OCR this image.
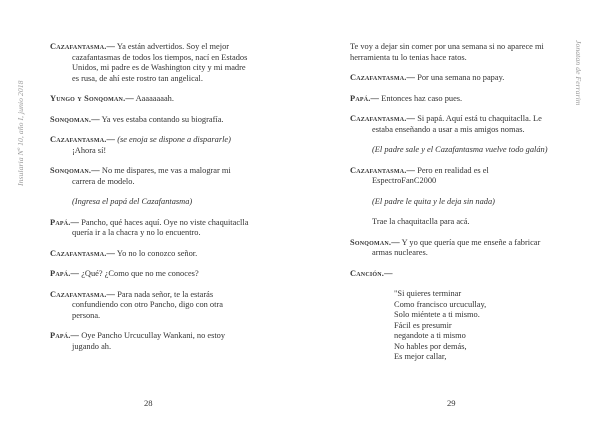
Insularia Nº 10, año I, junio 2018

Cazafantasma.— Ya están advertidos. Soy el mejor cazafantasmas de todos los tiempos, nací en Estados Unidos, mi padre es de Washington city y mi madre es rusa, de ahí este rostro tan angelical.

Yungo y Sonqoman.— Aaaaaaaah.

Sonqoman.— Ya ves estaba contando su biografía.

Cazafantasma.— (se enoja se dispone a dispararle) ¡Ahora sí!

Sonqoman.— No me dispares, me vas a malograr mi carrera de modelo.

(Ingresa el papá del Cazafantasma)

Papá.— Pancho, qué haces aquí. Oye no viste chaquitaclla quería ir a la chacra y no lo encuentro.

Cazafantasma.— Yo no lo conozco señor.

Papá.— ¿Qué? ¿Como que no me conoces?

Cazafantasma.— Para nada señor, te la estarás confundiendo con otro Pancho, digo con otra persona.

Papá.— Oye Pancho Urcucullay Wankani, no estoy jugando ah.

28

Te voy a dejar sin comer por una semana si no aparece mi herramienta tu lo tenias hace ratos.

Cazafantasma.— Por una semana no papay.

Papá.— Entonces haz caso pues.

Cazafantasma.— Si papá. Aquí está tu chaquitaclla. Le estaba enseñando a usar a mis amigos nomas.

(El padre sale y el Cazafantasma vuelve todo galán)

Cazafantasma.— Pero en realidad es el EspectroFanC2000

(El padre le quita y le deja sin nada)

Trae la chaquitaclla para acá.

Sonqoman.— Y yo que quería que me enseñe a fabricar armas nucleares.

Canción.—

"Si quieres terminar
Como francisco urcucullay,
Solo miéntete a ti mismo.
Fácil es presumir
negandote a ti mismo
No hables por demás,
Es mejor callar,
29
Jonatan de Ferrarim
